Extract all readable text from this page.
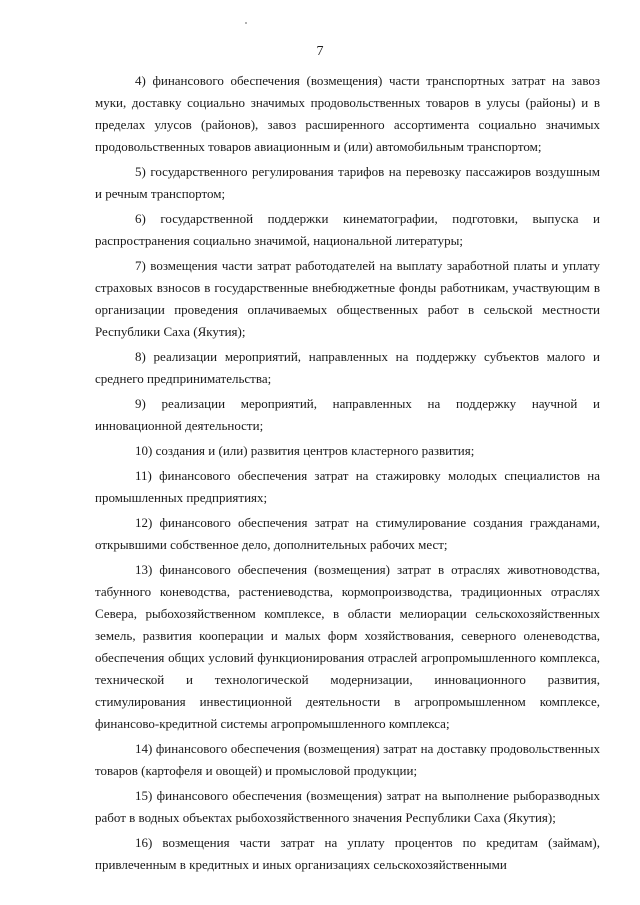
7

4) финансового обеспечения (возмещения) части транспортных затрат на завоз муки, доставку социально значимых продовольственных товаров в улусы (районы) и в пределах улусов (районов), завоз расширенного ассортимента социально значимых продовольственных товаров авиационным и (или) автомобильным транспортом;

5) государственного регулирования тарифов на перевозку пассажиров воздушным и речным транспортом;

6) государственной поддержки кинематографии, подготовки, выпуска и распространения социально значимой, национальной литературы;

7) возмещения части затрат работодателей на выплату заработной платы и уплату страховых взносов в государственные внебюджетные фонды работникам, участвующим в организации проведения оплачиваемых общественных работ в сельской местности Республики Саха (Якутия);

8) реализации мероприятий, направленных на поддержку субъектов малого и среднего предпринимательства;

9) реализации мероприятий, направленных на поддержку научной и инновационной деятельности;

10) создания и (или) развития центров кластерного развития;

11) финансового обеспечения затрат на стажировку молодых специалистов на промышленных предприятиях;

12) финансового обеспечения затрат на стимулирование создания гражданами, открывшими собственное дело, дополнительных рабочих мест;

13) финансового обеспечения (возмещения) затрат в отраслях животноводства, табунного коневодства, растениеводства, кормопроизводства, традиционных отраслях Севера, рыбохозяйственном комплексе, в области мелиорации сельскохозяйственных земель, развития кооперации и малых форм хозяйствования, северного оленеводства, обеспечения общих условий функционирования отраслей агропромышленного комплекса, технической и технологической модернизации, инновационного развития, стимулирования инвестиционной деятельности в агропромышленном комплексе, финансово-кредитной системы агропромышленного комплекса;

14) финансового обеспечения (возмещения) затрат на доставку продовольственных товаров (картофеля и овощей) и промысловой продукции;

15) финансового обеспечения (возмещения) затрат на выполнение рыборазводных работ в водных объектах рыбохозяйственного значения Республики Саха (Якутия);

16) возмещения части затрат на уплату процентов по кредитам (займам), привлеченным в кредитных и иных организациях сельскохозяйственными
